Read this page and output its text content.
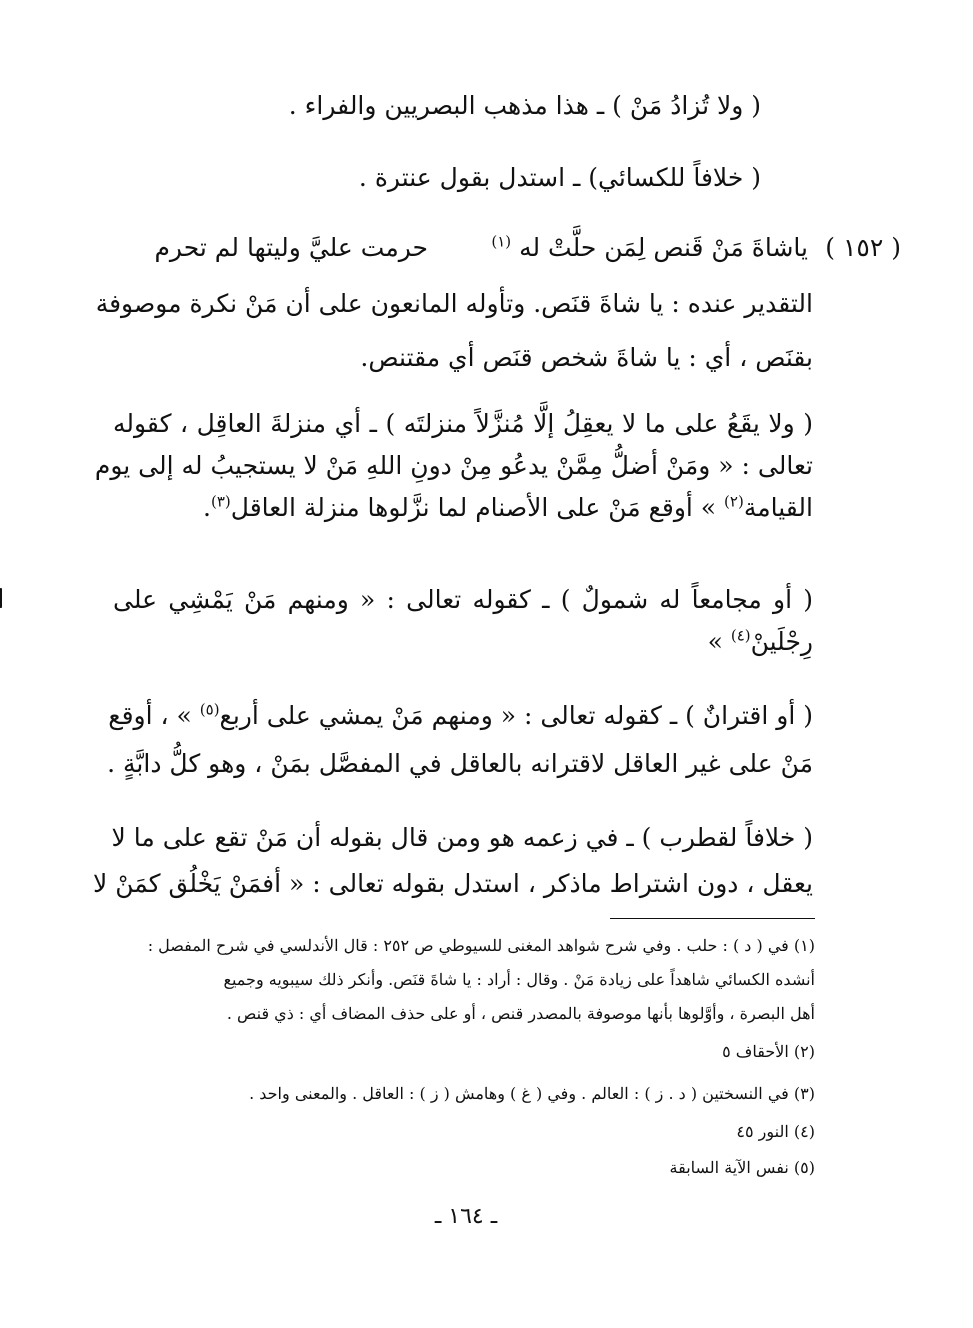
( ولا تُزادُ مَنْ ) ـ هذا مذهب البصريين والفراء .
( خلافاً للكسائي) ـ استدل بقول عنترة .
( ١٥٢ )
ياشاةَ مَنْ قَنص لِمَن حلَّتْ له $^{(١)}$
حرمت عليَّ وليتها لم تحرم
التقدير عنده : يا شاةَ قنَص. وتأوله المانعون على أن مَنْ نكرة موصوفة
بقنَص ، أي : يا شاةَ شخص قنَص أي مقتنص.
( ولا يقَعُ على ما لا يعقِلُ إلَّا مُنزَّلاً منزلتَه ) ـ أي منزلةَ العاقِل ، كقوله
تعالى : « ومَنْ أضلُّ مِمَّنْ يدعُو مِنْ دونِ اللهِ مَنْ لا يستجيبُ له إلى يوم
القيامة$^{(٢)}$ » أوقع مَنْ على الأصنام لما نزَّلوها منزلة العاقل$^{(٣)}$.
( أو مجامعاً له شمولٌ ) ـ كقوله تعالى : « ومنهم مَنْ يَمْشِي على
رِجْلَينْ$^{(٤)}$ »
( أو اقترانٌ ) ـ كقوله تعالى : « ومنهم مَنْ يمشي على أربع$^{(٥)}$ » ، أوقع
مَنْ على غير العاقل لاقترانه بالعاقل في المفصَّل بمَنْ ، وهو كلُّ دابَّةٍ .
( خلافاً لقطرب ) ـ في زعمه هو ومن قال بقوله أن مَنْ تقع على ما لا
يعقل ، دون اشتراط ماذكر ، استدل بقوله تعالى : « أفمَنْ يَخْلُق كمَنْ لا
(١) في ( د ) : حلب . وفي شرح شواهد المغنى للسيوطي ص ٢٥٢ : قال الأندلسي في شرح المفصل :
أنشده الكسائي شاهداً على زيادة مَنْ . وقال : أراد : يا شاةَ قنَص. وأنكر ذلك سيبويه وجميع
أهل البصرة ، وأوَّلوها بأنها موصوفة بالمصدر قنص ، أو على حذف المضاف أي : ذي قنص .
(٢) الأحقاف ٥
(٣) في النسختين ( د . ز ) : العالم . وفي ( غ ) وهامش ( ز ) : العاقل . والمعنى واحد .
(٤) النور ٤٥
(٥) نفس الآية السابقة
ـ ١٦٤ ـ
